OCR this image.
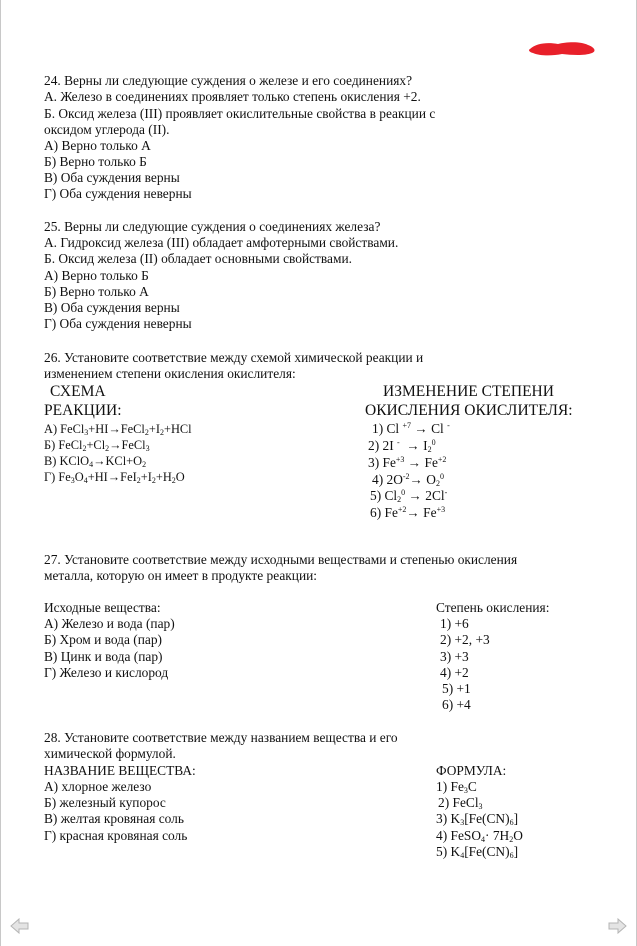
24. Верны ли следующие суждения о железе и его соединениях?
А. Железо в соединениях проявляет только степень окисления +2.
Б. Оксид железа (III) проявляет окислительные свойства в реакции с
оксидом углерода (II).
А) Верно только А
Б) Верно только Б
В) Оба суждения верны
Г) Оба суждения неверны
25. Верны ли следующие суждения о соединениях железа?
А. Гидроксид железа (III) обладает амфотерными свойствами.
Б. Оксид железа (II) обладает основными свойствами.
А) Верно только Б
Б) Верно только А
В) Оба суждения верны
Г) Оба суждения неверны
26. Установите соответствие между схемой химической реакции и
изменением степени окисления окислителя:
СХЕМА
РЕАКЦИИ:
ИЗМЕНЕНИЕ СТЕПЕНИ
ОКИСЛЕНИЯ ОКИСЛИТЕЛЯ:
А) $FeCl_3+HI\to FeCl_2+I_2+HCl$
Б) $FeCl_2+Cl_2\to FeCl_3$
В) $KClO_4\to KCl+O_2$
Г) $Fe_3O_4+HI\to FeI_2+I_2+H_2O$
1) Cl $^{+7}$ → Cl -
2) 2I $^- \to I_2^0$
3) $Fe^{+3} \to Fe^{+2}$
4) $2O^{-2}\to O_2^0$
5) $Cl_2^0 \to 2Cl^-$
6) $Fe^{+2}\to Fe^{+3}$
27. Установите соответствие между исходными веществами и степенью окисления
металла, которую он имеет в продукте реакции:
Исходные вещества:	Степень окисления:
А) Железо и вода (пар)
Б) Хром и вода (пар)
В) Цинк и вода (пар)
Г) Железо и кислород
1) +6
2) +2, +3
3) +3
4) +2
5) +1
6) +4
28. Установите соответствие между названием вещества и его
химической формулой.
НАЗВАНИЕ ВЕЩЕСТВА:	ФОРМУЛА:
А) хлорное железо
Б) железный купорос
В) желтая кровяная соль
Г) красная кровяная соль
1) $Fe_3C$
2) FeCl$_3$
3) $K_3[Fe(CN)_6]$
4) FeSO$_4$· $7H_2O$
5) $K_4[Fe(CN)_6]$
